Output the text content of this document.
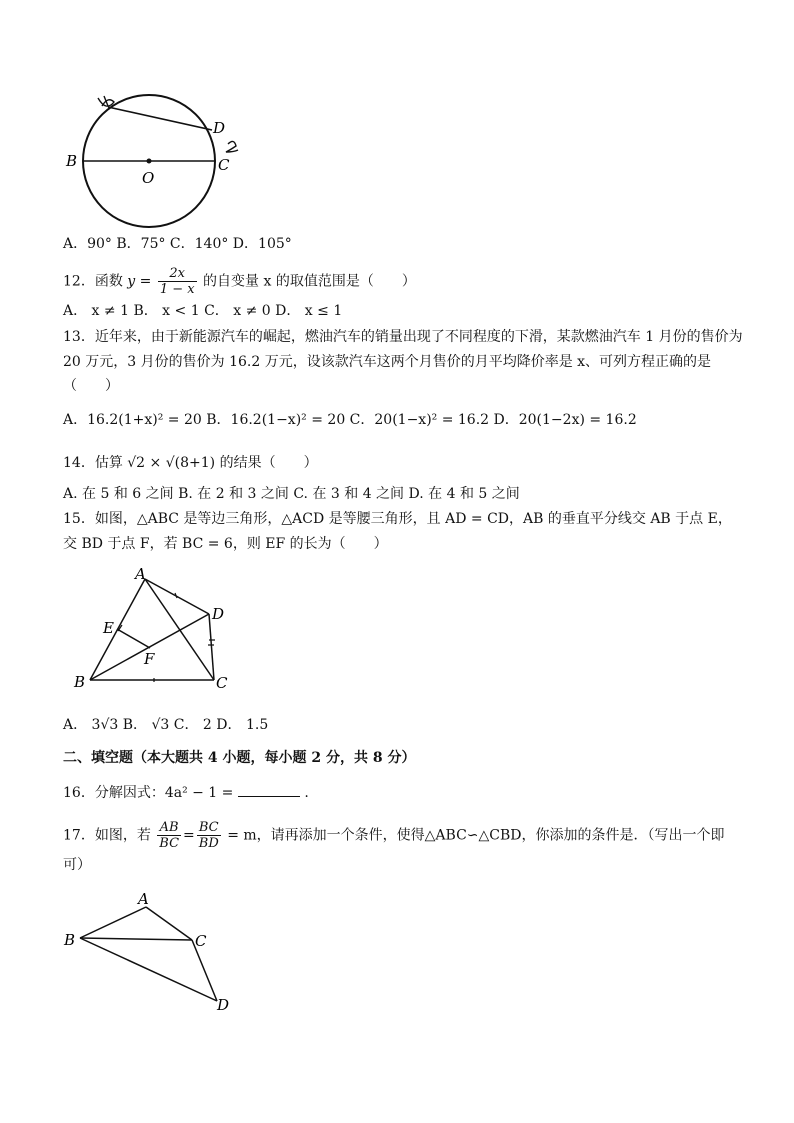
B
O
D
C
A．90° B．75° C．140° D．105°
12．函数 $y = \frac{2x}{1 - x}$ 的自变量 x 的取值范围是（　　）
A． x ≠ 1 B． x < 1 C． x ≠ 0 D． x ≤ 1
13．近年来，由于新能源汽车的崛起，燃油汽车的销量出现了不同程度的下滑，某款燃油汽车 1 月份的售价为
20 万元，3 月份的售价为 16.2 万元，设该款汽车这两个月售价的月平均降价率是 x、可列方程正确的是
（　　）
A．16.2(1+x)² = 20 B．16.2(1−x)² = 20 C．20(1−x)² = 16.2 D．20(1−2x) = 16.2
14．估算 √2 × √(8+1) 的结果（　　）
A. 在 5 和 6 之间 B. 在 2 和 3 之间 C. 在 3 和 4 之间 D. 在 4 和 5 之间
15．如图，△ABC 是等边三角形，△ACD 是等腰三角形，且 AD = CD，AB 的垂直平分线交 AB 于点 E，
交 BD 于点 F，若 BC = 6，则 EF 的长为（　　）
A
D
E
F
B	C
A． 3√3 B． √3 C． 2 D． 1.5
二、填空题（本大题共 4 小题，每小题 2 分，共 8 分）
16．分解因式：4a² − 1 =	.
17．如图，若 $\frac{AB}{BC} = \frac{BC}{BD} = m$，请再添加一个条件，使得△ABC∽△CBD，你添加的条件是．（写出一个即
可）
A
B	C
D
